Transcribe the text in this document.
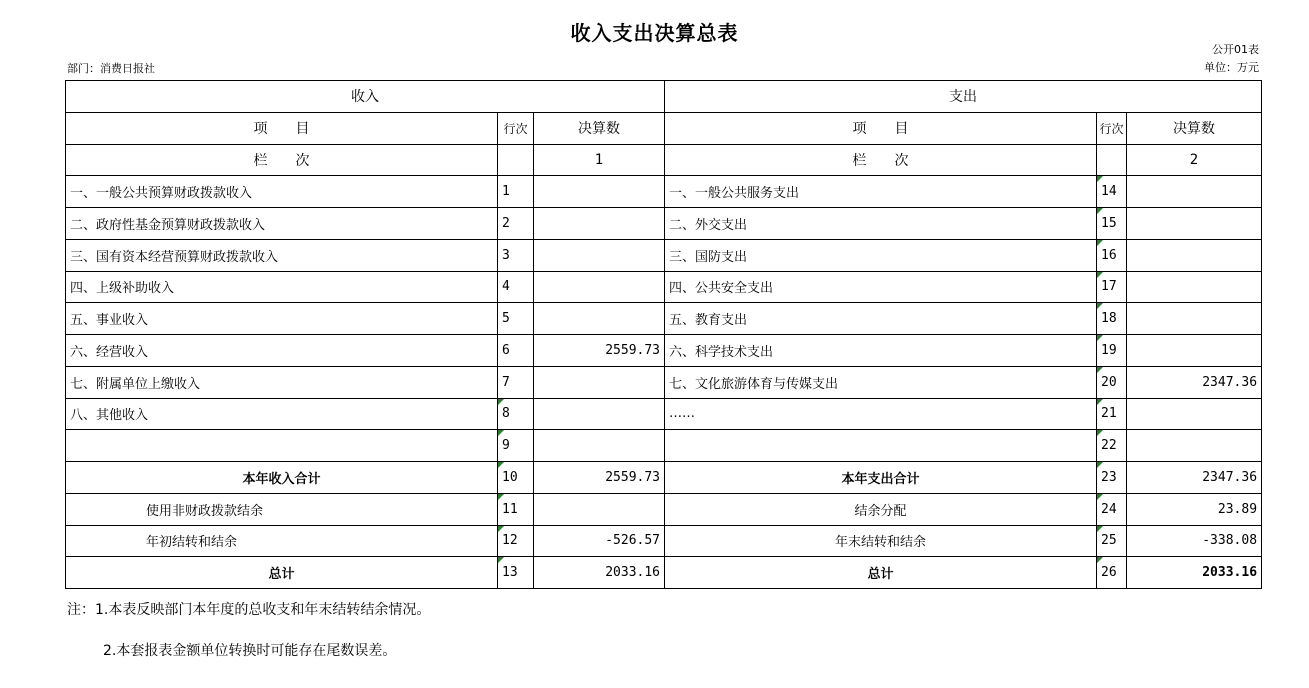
收入支出决算总表
部门：消费日报社
公开01表
单位：万元
收入			支出		
项　　目	行次	决算数	项　　目	行次	决算数
栏　　次		1	栏　　次		2
一、一般公共预算财政拨款收入	1		一、一般公共服务支出	14	
二、政府性基金预算财政拨款收入	2		二、外交支出	15	
三、国有资本经营预算财政拨款收入	3		三、国防支出	16	
四、上级补助收入	4		四、公共安全支出	17	
五、事业收入	5		五、教育支出	18	
六、经营收入	6	2559.73	六、科学技术支出	19	
七、附属单位上缴收入	7		七、文化旅游体育与传媒支出	20	2347.36
八、其他收入	8		……	21	
	9			22	
本年收入合计	10	2559.73	本年支出合计	23	2347.36
使用非财政拨款结余	11		结余分配	24	23.89
年初结转和结余	12	-526.57	年末结转和结余	25	-338.08
总计	13	2033.16	总计	26	2033.16
注：1.本表反映部门本年度的总收支和年末结转结余情况。
2.本套报表金额单位转换时可能存在尾数误差。
